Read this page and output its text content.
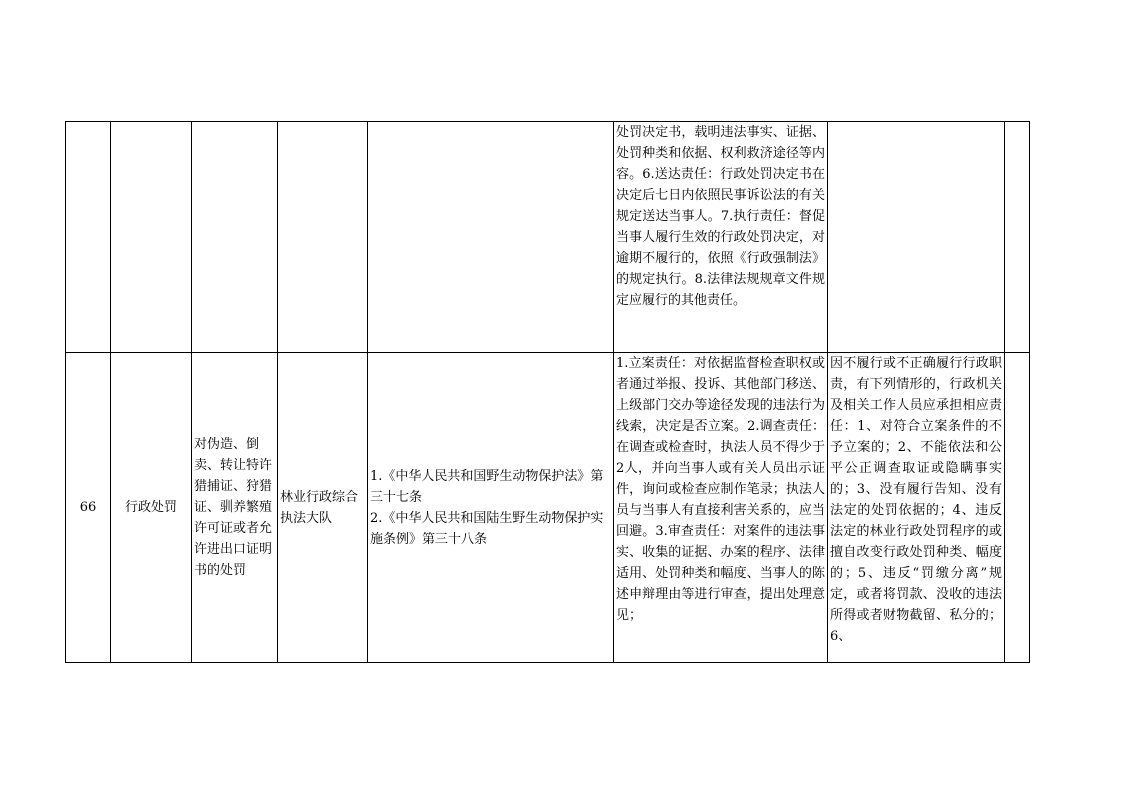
					处罚决定书，载明违法事实、证据、处罚种类和依据、权利救济途径等内容。6.送达责任：行政处罚决定书在决定后七日内依照民事诉讼法的有关规定送达当事人。7.执行责任：督促当事人履行生效的行政处罚决定，对逾期不履行的，依照《行政强制法》的规定执行。8.法律法规规章文件规定应履行的其他责任。		
66	行政处罚	对伪造、倒卖、转让特许猎捕证、狩猎证、驯养繁殖许可证或者允许进出口证明书的处罚	林业行政综合执法大队	1.《中华人民共和国野生动物保护法》第三十七条
2.《中华人民共和国陆生野生动物保护实施条例》第三十八条	1.立案责任：对依据监督检查职权或者通过举报、投诉、其他部门移送、上级部门交办等途径发现的违法行为线索，决定是否立案。2.调查责任：在调查或检查时，执法人员不得少于2人，并向当事人或有关人员出示证件，询问或检查应制作笔录；执法人员与当事人有直接利害关系的，应当回避。3.审查责任：对案件的违法事实、收集的证据、办案的程序、法律适用、处罚种类和幅度、当事人的陈述申辩理由等进行审查，提出处理意见；	因不履行或不正确履行行政职责，有下列情形的，行政机关及相关工作人员应承担相应责任：1、对符合立案条件的不予立案的；2、不能依法和公平公正调查取证或隐瞒事实的；3、没有履行告知、没有法定的处罚依据的；4、违反法定的林业行政处罚程序的或擅自改变行政处罚种类、幅度的；5、违反“罚缴分离”规定，或者将罚款、没收的违法所得或者财物截留、私分的；6、	
